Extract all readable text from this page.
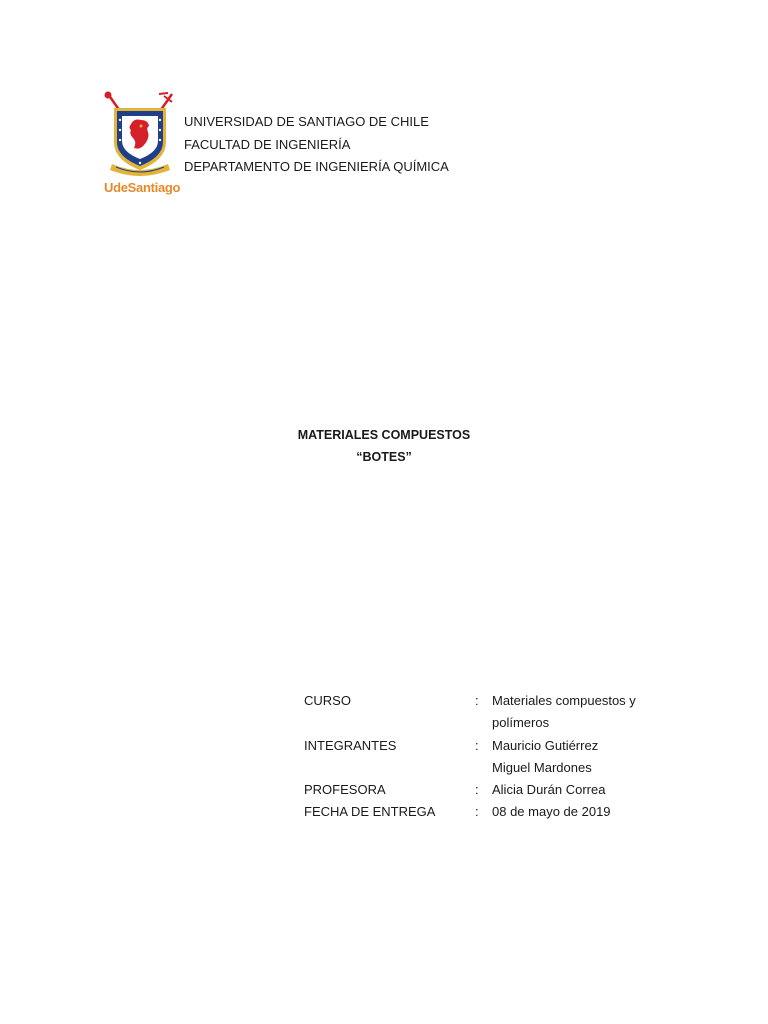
UdeSantiago
UNIVERSIDAD DE SANTIAGO DE CHILE
FACULTAD DE INGENIERÍA
DEPARTAMENTO DE INGENIERÍA QUÍMICA
MATERIALES COMPUESTOS
“BOTES”
CURSO	: Materiales compuestos y
polímeros
INTEGRANTES	: Mauricio Gutiérrez
Miguel Mardones
PROFESORA	: Alicia Durán Correa
FECHA DE ENTREGA	: 08 de mayo de 2019
